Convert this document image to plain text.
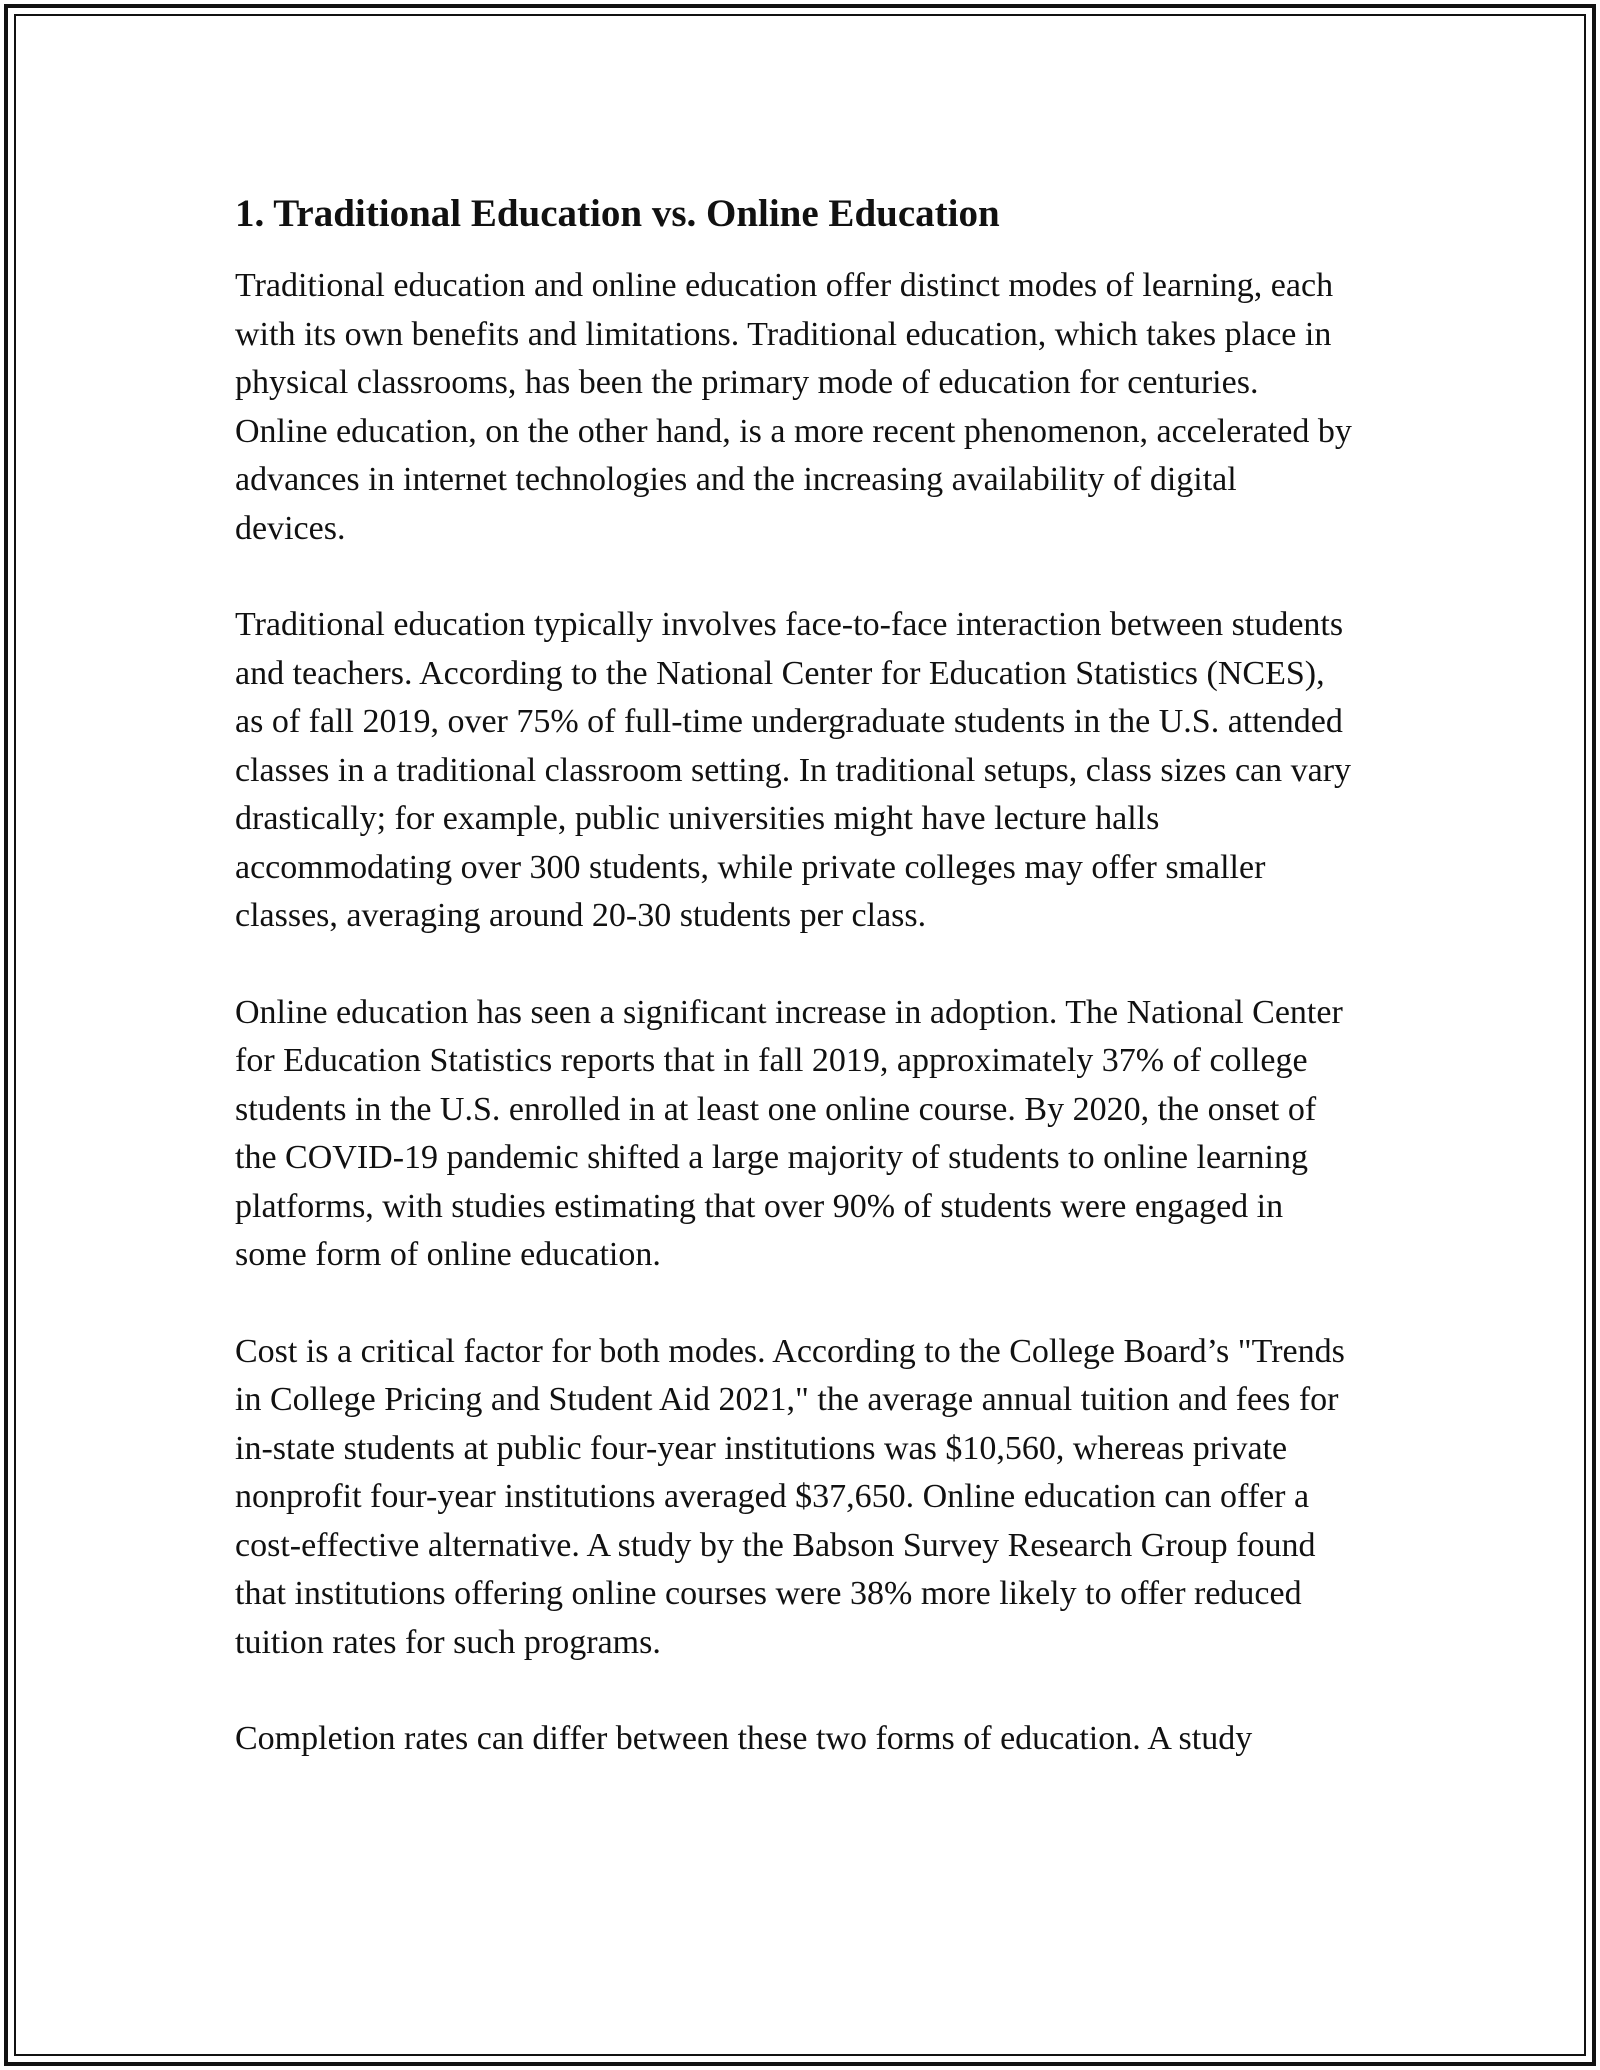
1. Traditional Education vs. Online Education

Traditional education and online education offer distinct modes of learning, each with its own benefits and limitations. Traditional education, which takes place in physical classrooms, has been the primary mode of education for centuries. Online education, on the other hand, is a more recent phenomenon, accelerated by advances in internet technologies and the increasing availability of digital devices.

Traditional education typically involves face-to-face interaction between students and teachers. According to the National Center for Education Statistics (NCES), as of fall 2019, over 75% of full-time undergraduate students in the U.S. attended classes in a traditional classroom setting. In traditional setups, class sizes can vary drastically; for example, public universities might have lecture halls accommodating over 300 students, while private colleges may offer smaller classes, averaging around 20-30 students per class.

Online education has seen a significant increase in adoption. The National Center for Education Statistics reports that in fall 2019, approximately 37% of college students in the U.S. enrolled in at least one online course. By 2020, the onset of the COVID-19 pandemic shifted a large majority of students to online learning platforms, with studies estimating that over 90% of students were engaged in some form of online education.

Cost is a critical factor for both modes. According to the College Board’s "Trends in College Pricing and Student Aid 2021," the average annual tuition and fees for in-state students at public four-year institutions was $10,560, whereas private nonprofit four-year institutions averaged $37,650. Online education can offer a cost-effective alternative. A study by the Babson Survey Research Group found that institutions offering online courses were 38% more likely to offer reduced tuition rates for such programs.

Completion rates can differ between these two forms of education. A study
